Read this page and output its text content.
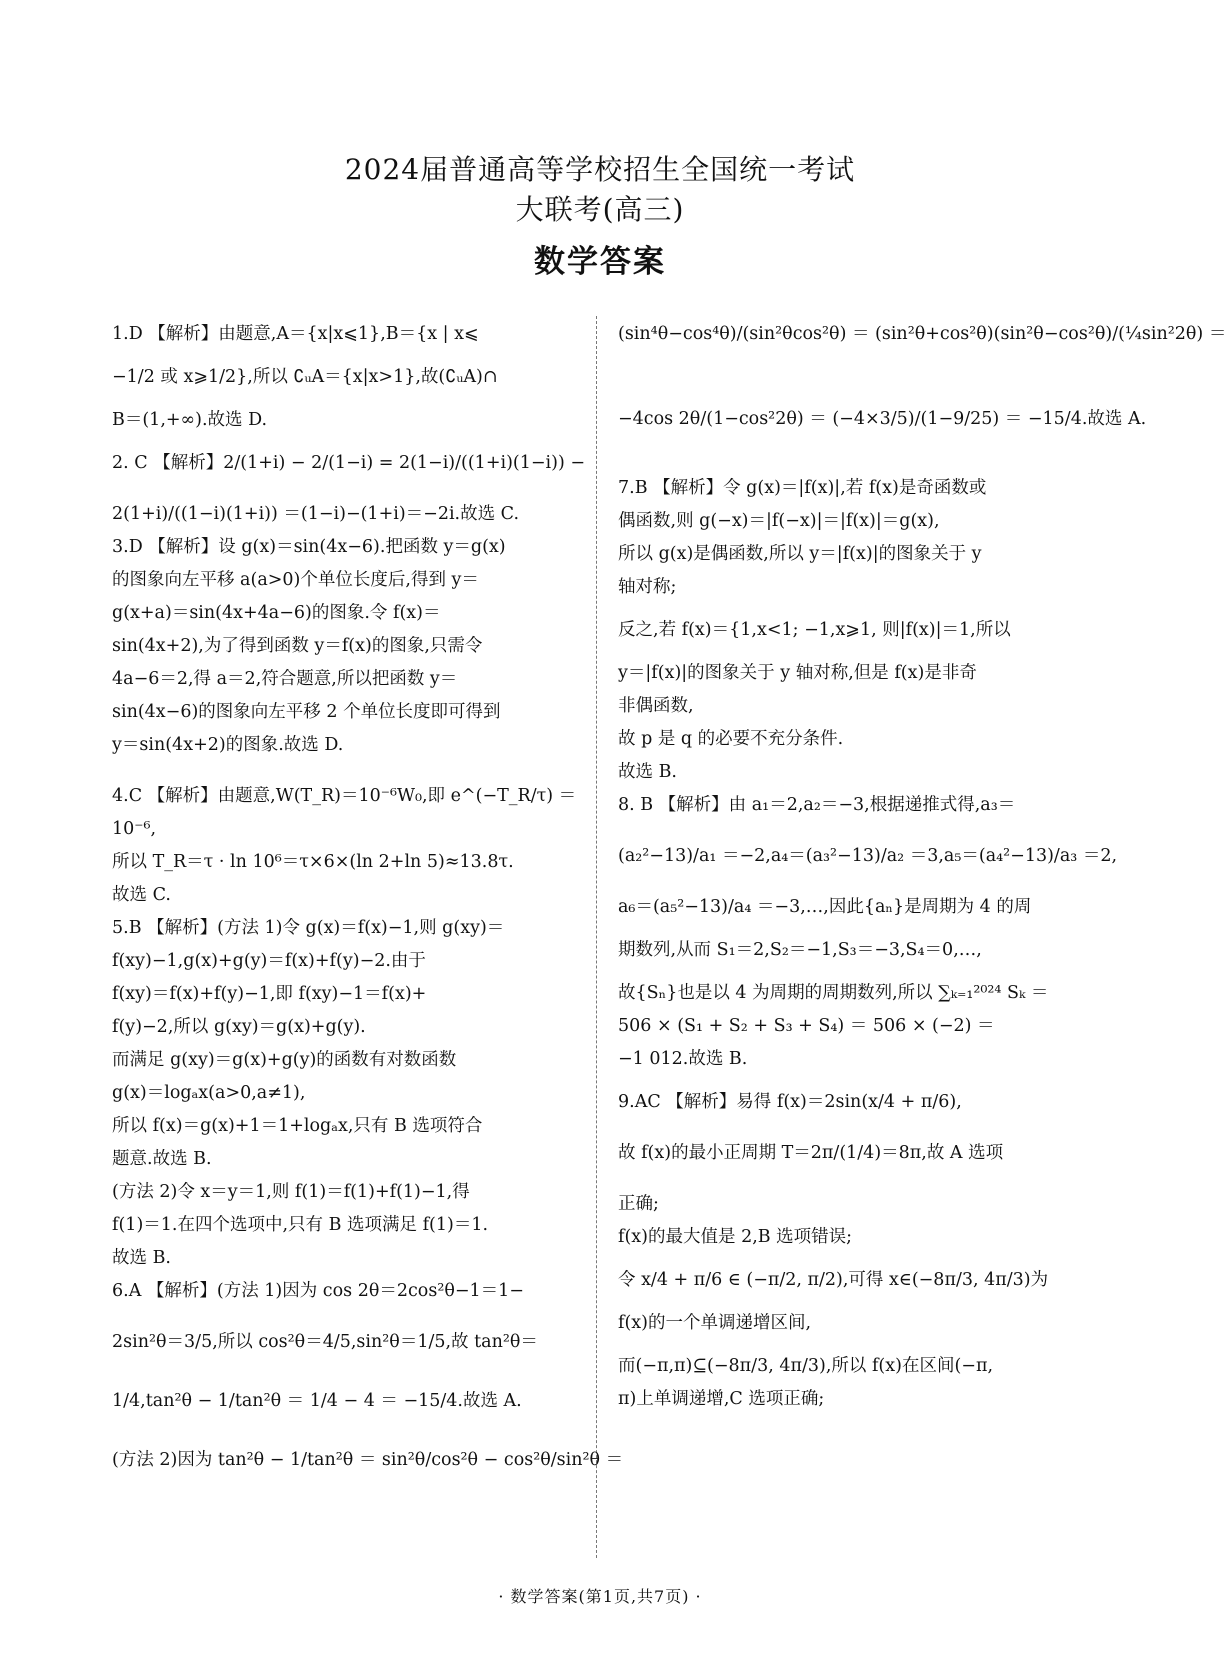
2024届普通高等学校招生全国统一考试
大联考(高三)
数学答案
1.D 【解析】由题意,A＝{x|x⩽1},B＝{x | x⩽
−1/2 或 x⩾1/2},所以 ∁ᵤA＝{x|x>1},故(∁ᵤA)∩
B＝(1,+∞).故选 D.
2. C 【解析】2/(1+i) − 2/(1−i) = 2(1−i)/((1+i)(1−i)) −
2(1+i)/((1−i)(1+i)) ＝(1−i)−(1+i)＝−2i.故选 C.
3.D 【解析】设 g(x)＝sin(4x−6).把函数 y＝g(x)
的图象向左平移 a(a>0)个单位长度后,得到 y＝
g(x+a)＝sin(4x+4a−6)的图象.令 f(x)＝
sin(4x+2),为了得到函数 y＝f(x)的图象,只需令
4a−6＝2,得 a＝2,符合题意,所以把函数 y＝
sin(4x−6)的图象向左平移 2 个单位长度即可得到
y＝sin(4x+2)的图象.故选 D.
4.C 【解析】由题意,W(T_R)＝10⁻⁶W₀,即 e^(−T_R/τ) ＝
10⁻⁶,
所以 T_R＝τ · ln 10⁶＝τ×6×(ln 2+ln 5)≈13.8τ.
故选 C.
5.B 【解析】(方法 1)令 g(x)＝f(x)−1,则 g(xy)＝
f(xy)−1,g(x)+g(y)＝f(x)+f(y)−2.由于
f(xy)＝f(x)+f(y)−1,即 f(xy)−1＝f(x)+
f(y)−2,所以 g(xy)＝g(x)+g(y).
而满足 g(xy)＝g(x)+g(y)的函数有对数函数
g(x)＝logₐx(a>0,a≠1),
所以 f(x)＝g(x)+1＝1+logₐx,只有 B 选项符合
题意.故选 B.
(方法 2)令 x＝y＝1,则 f(1)＝f(1)+f(1)−1,得
f(1)＝1.在四个选项中,只有 B 选项满足 f(1)＝1.
故选 B.
6.A 【解析】(方法 1)因为 cos 2θ＝2cos²θ−1＝1−
2sin²θ＝3/5,所以 cos²θ＝4/5,sin²θ＝1/5,故 tan²θ＝
1/4,tan²θ − 1/tan²θ ＝ 1/4 − 4 ＝ −15/4.故选 A.
(方法 2)因为 tan²θ − 1/tan²θ ＝ sin²θ/cos²θ − cos²θ/sin²θ ＝
(sin⁴θ−cos⁴θ)/(sin²θcos²θ) ＝ (sin²θ+cos²θ)(sin²θ−cos²θ)/(¼sin²2θ) ＝
−4cos 2θ/(1−cos²2θ) ＝ (−4×3/5)/(1−9/25) ＝ −15/4.故选 A.
7.B 【解析】令 g(x)＝|f(x)|,若 f(x)是奇函数或
偶函数,则 g(−x)＝|f(−x)|＝|f(x)|＝g(x),
所以 g(x)是偶函数,所以 y＝|f(x)|的图象关于 y
轴对称;
反之,若 f(x)＝{1,x<1; −1,x⩾1, 则|f(x)|＝1,所以
y＝|f(x)|的图象关于 y 轴对称,但是 f(x)是非奇
非偶函数,
故 p 是 q 的必要不充分条件.
故选 B.
8. B 【解析】由 a₁＝2,a₂＝−3,根据递推式得,a₃＝
(a₂²−13)/a₁ ＝−2,a₄＝(a₃²−13)/a₂ ＝3,a₅＝(a₄²−13)/a₃ ＝2,
a₆＝(a₅²−13)/a₄ ＝−3,…,因此{aₙ}是周期为 4 的周
期数列,从而 S₁＝2,S₂＝−1,S₃＝−3,S₄＝0,…,
故{Sₙ}也是以 4 为周期的周期数列,所以 ∑ₖ₌₁²⁰²⁴ Sₖ ＝
506 × (S₁ + S₂ + S₃ + S₄) ＝ 506 × (−2) ＝
−1 012.故选 B.
9.AC 【解析】易得 f(x)＝2sin(x/4 + π/6),
故 f(x)的最小正周期 T＝2π/(1/4)＝8π,故 A 选项
正确;
f(x)的最大值是 2,B 选项错误;
令 x/4 + π/6 ∈ (−π/2, π/2),可得 x∈(−8π/3, 4π/3)为
f(x)的一个单调递增区间,
而(−π,π)⊆(−8π/3, 4π/3),所以 f(x)在区间(−π,
π)上单调递增,C 选项正确;
· 数学答案(第1页,共7页) ·
